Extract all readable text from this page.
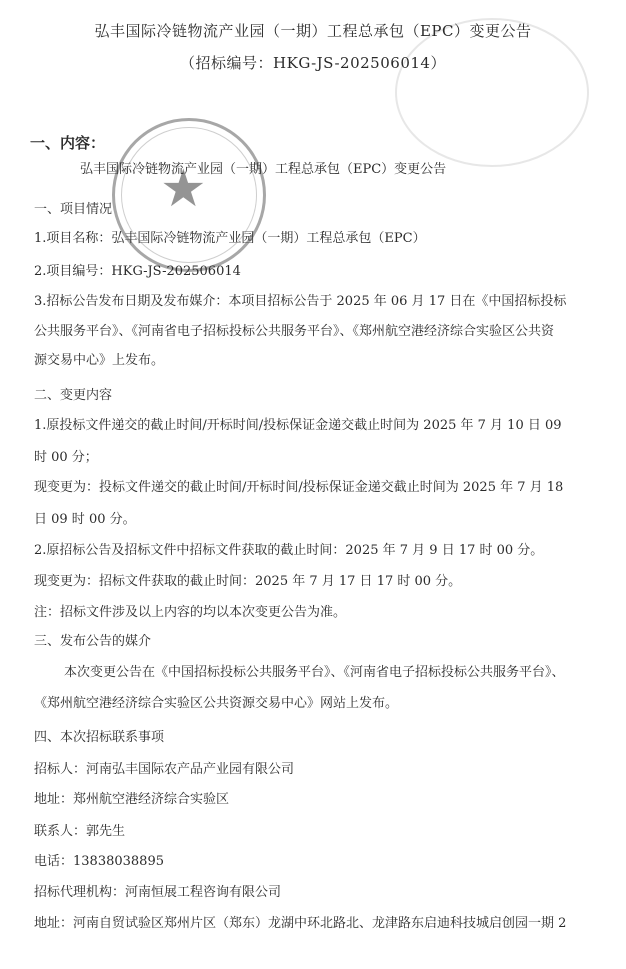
★
弘丰国际冷链物流产业园（一期）工程总承包（EPC）变更公告
（招标编号：HKG-JS-202506014）
一、内容：
弘丰国际冷链物流产业园（一期）工程总承包（EPC）变更公告
一、项目情况
1.项目名称：弘丰国际冷链物流产业园（一期）工程总承包（EPC）
2.项目编号：HKG-JS-202506014
3.招标公告发布日期及发布媒介：本项目招标公告于 2025 年 06 月 17 日在《中国招标投标
公共服务平台》、《河南省电子招标投标公共服务平台》、《郑州航空港经济综合实验区公共资
源交易中心》上发布。
二、变更内容
1.原投标文件递交的截止时间/开标时间/投标保证金递交截止时间为 2025 年 7 月 10 日 09
时 00 分；
现变更为：投标文件递交的截止时间/开标时间/投标保证金递交截止时间为 2025 年 7 月 18
日 09 时 00 分。
2.原招标公告及招标文件中招标文件获取的截止时间：2025 年 7 月 9 日 17 时 00 分。
现变更为：招标文件获取的截止时间：2025 年 7 月 17 日 17 时 00 分。
注：招标文件涉及以上内容的均以本次变更公告为准。
三、发布公告的媒介
本次变更公告在《中国招标投标公共服务平台》、《河南省电子招标投标公共服务平台》、
《郑州航空港经济综合实验区公共资源交易中心》网站上发布。
四、本次招标联系事项
招标人：河南弘丰国际农产品产业园有限公司
地址：郑州航空港经济综合实验区
联系人：郭先生
电话：13838038895
招标代理机构：河南恒展工程咨询有限公司
地址：河南自贸试验区郑州片区（郑东）龙湖中环北路北、龙津路东启迪科技城启创园一期 2
